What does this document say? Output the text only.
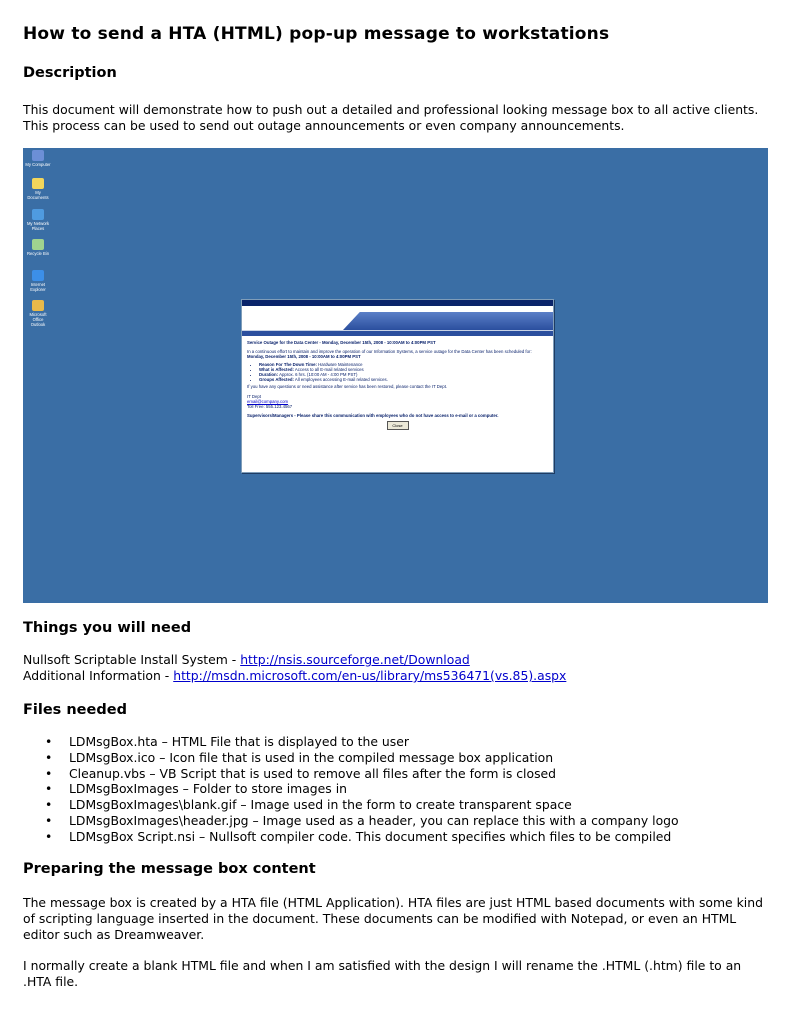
How to send a HTA (HTML) pop-up message to workstations
Description

This document will demonstrate how to push out a detailed and professional looking message box to all active clients. This process can be used to send out outage announcements or even company announcements.

My Computer
My Documents
My Network Places
Recycle Bin
Internet Explorer
Microsoft Office Outlook
Service Outage for the Data Center - Monday, December 15th, 2008 - 10:00AM to 4:00PM PST
In a continuous effort to maintain and improve the operation of our Information Systems, a service outage for the Data Center has been scheduled for: Monday, December 15th, 2008 - 10:00AM to 4:00PM PST
• Reason For The Down Time: Hardware Maintenance
• What is Affected: Access to all E-mail related services
• Duration: Approx. 6 hrs. (10:00 AM - 4:00 PM PST)
• Groups Affected: All employees accessing E-mail related services.
If you have any questions or need assistance after service has been restored, please contact the IT Dept.
IT Dept
email@company.com
Toll Free: 555.123.4567
Supervisors/Managers - Please share this communication with employees who do not have access to e-mail or a computer.
Close
Things you will need
Nullsoft Scriptable Install System - http://nsis.sourceforge.net/Download
Additional Information - http://msdn.microsoft.com/en-us/library/ms536471(vs.85).aspx
Files needed
• LDMsgBox.hta – HTML File that is displayed to the user
• LDMsgBox.ico – Icon file that is used in the compiled message box application
• Cleanup.vbs – VB Script that is used to remove all files after the form is closed
• LDMsgBoxImages – Folder to store images in
• LDMsgBoxImages\blank.gif – Image used in the form to create transparent space
• LDMsgBoxImages\header.jpg – Image used as a header, you can replace this with a company logo
• LDMsgBox Script.nsi – Nullsoft compiler code. This document specifies which files to be compiled
Preparing the message box content

The message box is created by a HTA file (HTML Application). HTA files are just HTML based documents with some kind of scripting language inserted in the document. These documents can be modified with Notepad, or even an HTML editor such as Dreamweaver.

I normally create a blank HTML file and when I am satisfied with the design I will rename the .HTML (.htm) file to an .HTA file.
